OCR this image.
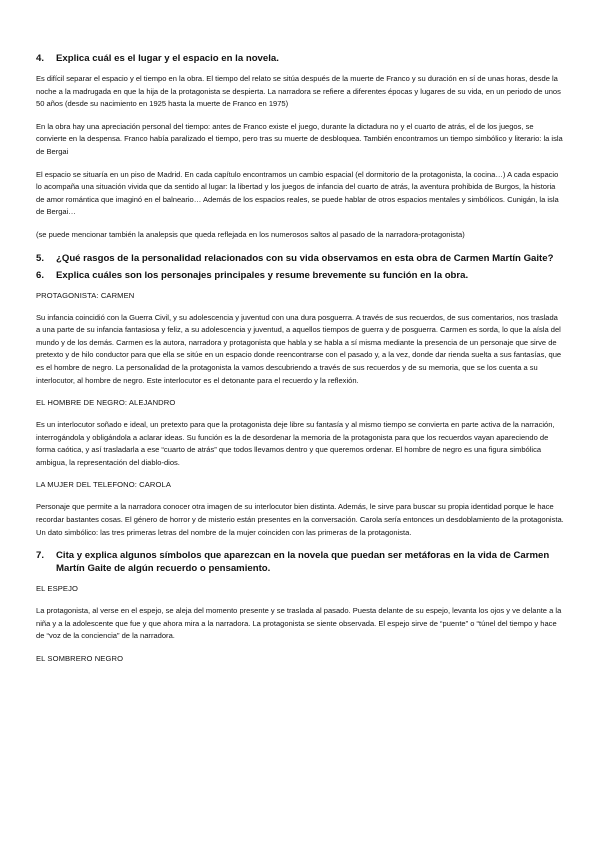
4.	Explica cuál es el lugar y el espacio en la novela.

Es difícil separar el espacio y el tiempo en la obra. El tiempo del relato se sitúa después de la muerte de Franco y su duración en sí de unas horas, desde la noche a la madrugada en que la hija de la protagonista se despierta. La narradora se refiere a diferentes épocas y lugares de su vida, en un periodo de unos 50 años (desde su nacimiento en 1925 hasta la muerte de Franco en 1975)

En la obra hay una apreciación personal del tiempo: antes de Franco existe el juego, durante la dictadura no y el cuarto de atrás, el de los juegos, se convierte en la despensa. Franco había paralizado el tiempo, pero tras su muerte de desbloquea. También encontramos un tiempo simbólico y literario: la isla de Bergai

El espacio se situaría en un piso de Madrid. En cada capítulo encontramos un cambio espacial (el dormitorio de la protagonista, la cocina…) A cada espacio lo acompaña una situación vivida que da sentido al lugar: la libertad y los juegos de infancia del cuarto de atrás, la aventura prohibida de Burgos, la historia de amor romántica que imaginó en el balneario… Además de los espacios reales, se puede hablar de otros espacios mentales y simbólicos. Cunigán, la isla de Bergai…

(se puede mencionar también la analepsis que queda reflejada en los numerosos saltos al pasado de la narradora-protagonista)

5.	¿Qué rasgos de la personalidad relacionados con su vida observamos en esta obra de Carmen Martín Gaite?
6.	Explica cuáles son los personajes principales y resume brevemente su función en la obra.
PROTAGONISTA: CARMEN

Su infancia coincidió con la Guerra Civil, y su adolescencia y juventud con una dura posguerra. A través de sus recuerdos, de sus comentarios, nos traslada a una parte de su infancia fantasiosa y feliz, a su adolescencia y juventud, a aquellos tiempos de guerra y de posguerra. Carmen es sorda, lo que la aísla del mundo y de los demás. Carmen es la autora, narradora y protagonista que habla y se habla a sí misma mediante la presencia de un personaje que sirve de pretexto y de hilo conductor para que ella se sitúe en un espacio donde reencontrarse con el pasado y, a la vez, donde dar rienda suelta a sus fantasías, que es el hombre de negro. La personalidad de la protagonista la vamos descubriendo a través de sus recuerdos y de su memoria, que se los cuenta a su interlocutor, al hombre de negro. Este interlocutor es el detonante para el recuerdo y la reflexión.

EL HOMBRE DE NEGRO: ALEJANDRO

Es un interlocutor soñado e ideal, un pretexto para que la protagonista deje libre su fantasía y al mismo tiempo se convierta en parte activa de la narración, interrogándola y obligándola a aclarar ideas. Su función es la de desordenar la memoria de la protagonista para que los recuerdos vayan apareciendo de forma caótica, y así trasladarla a ese “cuarto de atrás” que todos llevamos dentro y que queremos ordenar. El hombre de negro es una figura simbólica ambigua, la representación del diablo-dios.

LA MUJER DEL TELEFONO: CAROLA

Personaje que permite a la narradora conocer otra imagen de su interlocutor bien distinta. Además, le sirve para buscar su propia identidad porque le hace recordar bastantes cosas. El género de horror y de misterio están presentes en la conversación. Carola sería entonces un desdoblamiento de la protagonista. Un dato simbólico: las tres primeras letras del nombre de la mujer coinciden con las primeras de la protagonista.

7.	Cita y explica algunos símbolos que aparezcan en la novela que puedan ser metáforas en la vida de Carmen Martín Gaite de algún recuerdo o pensamiento.
EL ESPEJO

La protagonista, al verse en el espejo, se aleja del momento presente y se traslada al pasado. Puesta delante de su espejo, levanta los ojos y ve delante a la niña y a la adolescente que fue y que ahora mira a la narradora. La protagonista se siente observada. El espejo sirve de “puente” o “túnel del tiempo y hace de “voz de la conciencia” de la narradora.

EL SOMBRERO NEGRO
